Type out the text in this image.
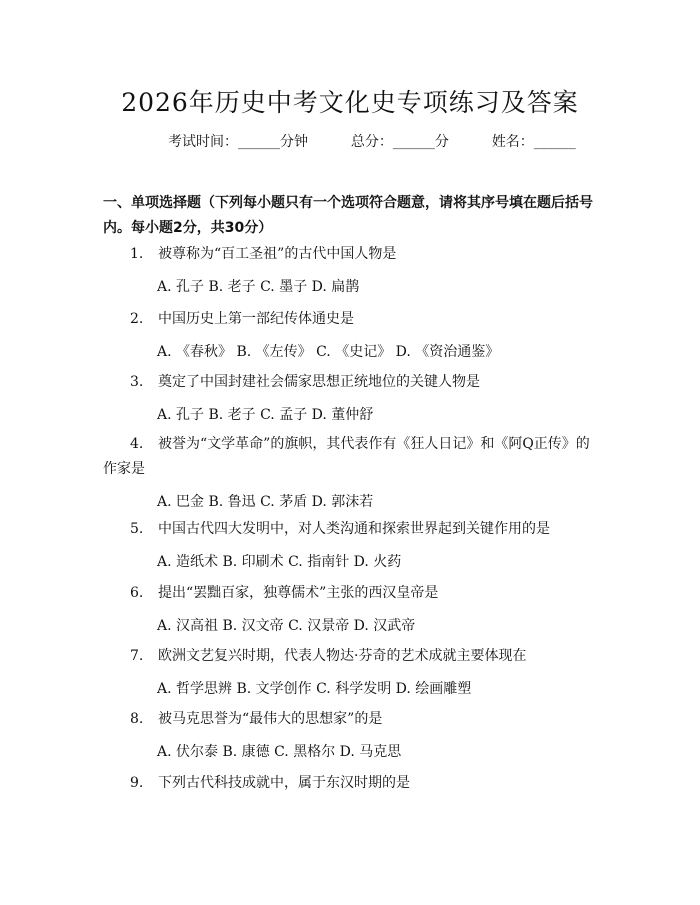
2026年历史中考文化史专项练习及答案
考试时间：______分钟	总分：______分	姓名：______
一、单项选择题（下列每小题只有一个选项符合题意，请将其序号填在题后括号内。每小题2分，共30分）
1. 被尊称为“百工圣祖”的古代中国人物是
A. 孔子 B. 老子 C. 墨子 D. 扁鹊
2. 中国历史上第一部纪传体通史是
A. 《春秋》 B. 《左传》 C. 《史记》 D. 《资治通鉴》
3. 奠定了中国封建社会儒家思想正统地位的关键人物是
A. 孔子 B. 老子 C. 孟子 D. 董仲舒
4. 被誉为“文学革命”的旗帜，其代表作有《狂人日记》和《阿Q正传》的作家是
A. 巴金 B. 鲁迅 C. 茅盾 D. 郭沫若
5. 中国古代四大发明中，对人类沟通和探索世界起到关键作用的是
A. 造纸术 B. 印刷术 C. 指南针 D. 火药
6. 提出“罢黜百家，独尊儒术”主张的西汉皇帝是
A. 汉高祖 B. 汉文帝 C. 汉景帝 D. 汉武帝
7. 欧洲文艺复兴时期，代表人物达·芬奇的艺术成就主要体现在
A. 哲学思辨 B. 文学创作 C. 科学发明 D. 绘画雕塑
8. 被马克思誉为“最伟大的思想家”的是
A. 伏尔泰 B. 康德 C. 黑格尔 D. 马克思
9. 下列古代科技成就中，属于东汉时期的是
